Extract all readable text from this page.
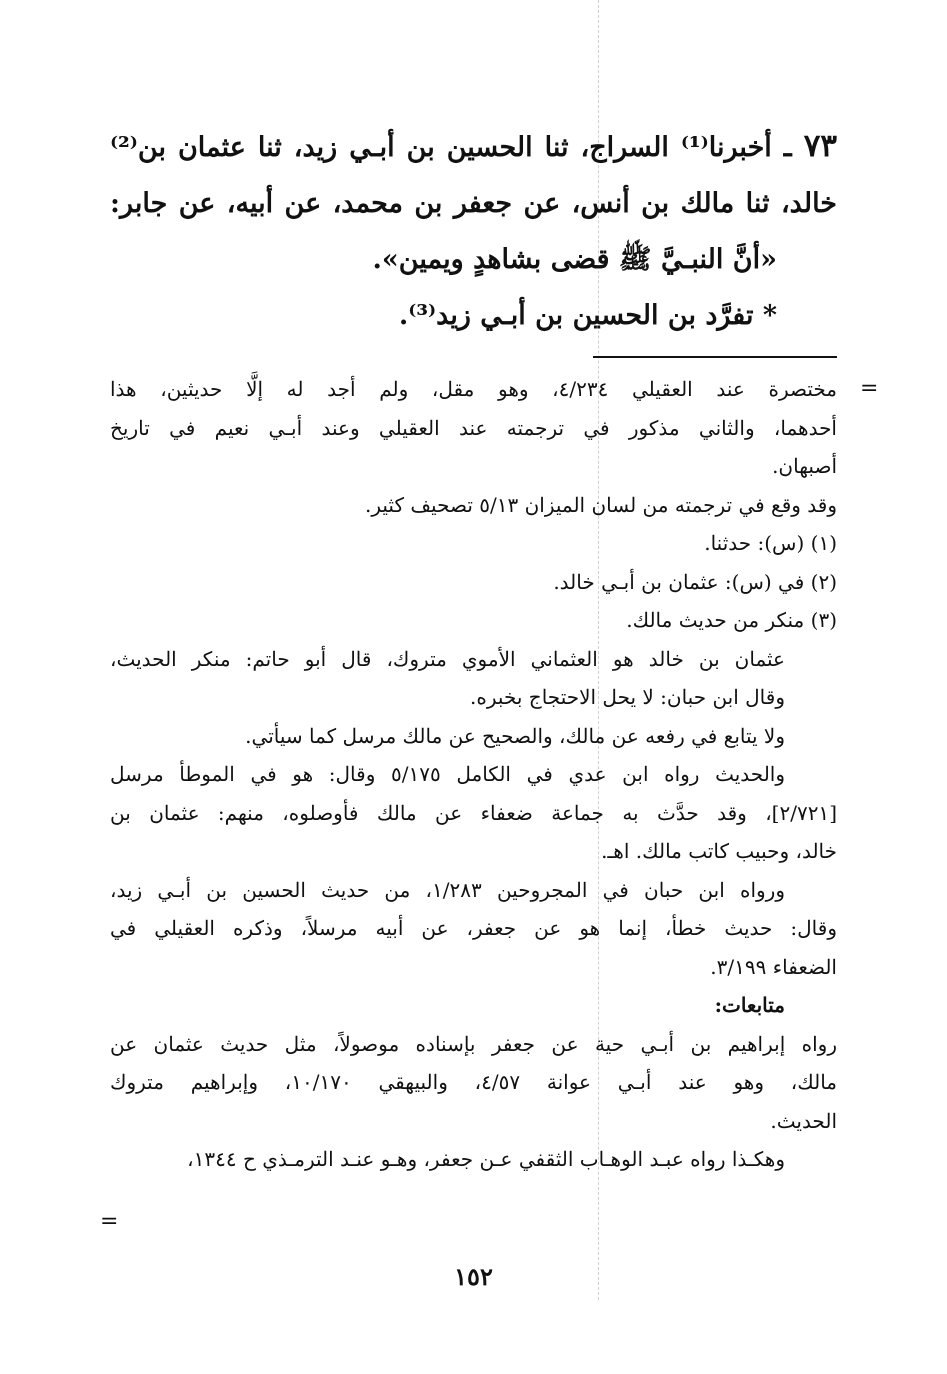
٧٣ ـ أخبرنا⁽¹⁾ السراج، ثنا الحسين بن أبـي زيد، ثنا عثمان بن⁽²⁾
خالد، ثنا مالك بن أنس، عن جعفر بن محمد، عن أبيه، عن جابر:
«أنَّ النبـيَّ ﷺ قضى بشاهدٍ ويمين».
* تفرَّد بن الحسين بن أبـي زيد⁽³⁾.
=
مختصرة عند العقيلي ٤/٢٣٤، وهو مقل، ولم أجد له إلَّا حديثين، هذا
أحدهما، والثاني مذكور في ترجمته عند العقيلي وعند أبـي نعيم في تاريخ
أصبهان.
وقد وقع في ترجمته من لسان الميزان ٥/١٣ تصحيف كثير.
(١) (س): حدثنا.
(٢) في (س): عثمان بن أبـي خالد.
(٣) منكر من حديث مالك.
عثمان بن خالد هو العثماني الأموي متروك، قال أبو حاتم: منكر الحديث،
وقال ابن حبان: لا يحل الاحتجاج بخبره.
ولا يتابع في رفعه عن مالك، والصحيح عن مالك مرسل كما سيأتي.
والحديث رواه ابن عدي في الكامل ٥/١٧٥ وقال: هو في الموطأ مرسل
[٢/٧٢١]، وقد حدَّث به جماعة ضعفاء عن مالك فأوصلوه، منهم: عثمان بن
خالد، وحبيب كاتب مالك. اهـ.
ورواه ابن حبان في المجروحين ١/٢٨٣، من حديث الحسين بن أبـي زيد،
وقال: حديث خطأ، إنما هو عن جعفر، عن أبيه مرسلاً، وذكره العقيلي في
الضعفاء ٣/١٩٩.
متابعات:
رواه إبراهيم بن أبـي حية عن جعفر بإسناده موصولاً، مثل حديث عثمان عن
مالك، وهو عند أبـي عوانة ٤/٥٧، والبيهقي ١٠/١٧٠، وإبراهيم متروك
الحديث.
وهكـذا رواه عبـد الوهـاب الثقفي عـن جعفر، وهـو عنـد الترمـذي ح ١٣٤٤،
=
١٥٢
